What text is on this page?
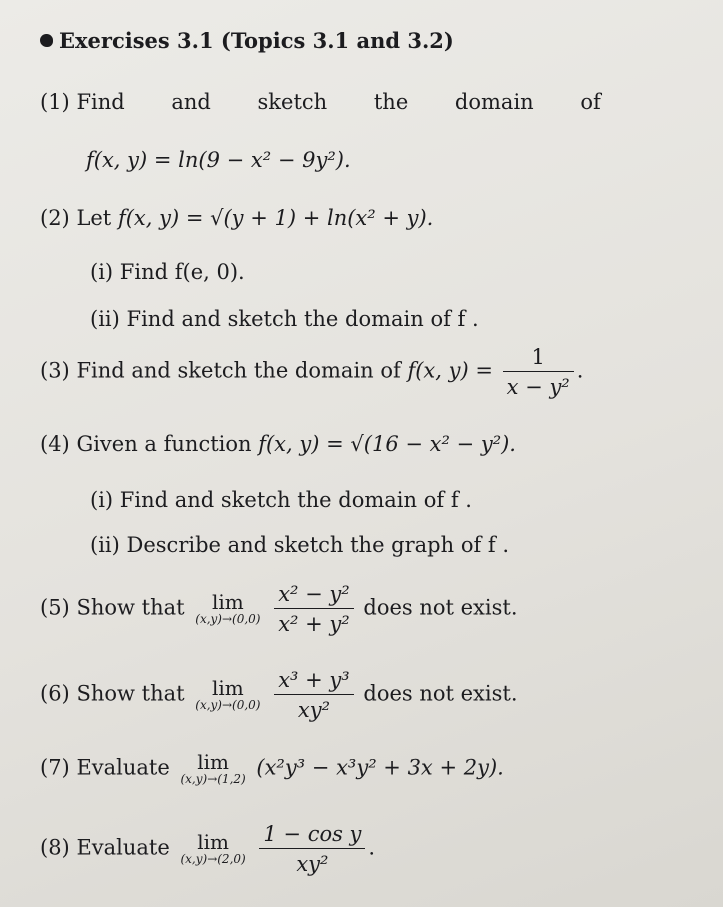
Exercises 3.1 (Topics 3.1 and 3.2)
(1) Find and sketch the domain of
f(x, y) = ln(9 − x² − 9y²).
(2) Let f(x, y) = √(y + 1) + ln(x² + y).
(i) Find f(e, 0).
(ii) Find and sketch the domain of f .
(3) Find and sketch the domain of f(x, $y) = \frac{1}{\text{x − y²}}$ .
(4) Given a function f(x, y) = √(16 − x² − y²).
(i) Find and sketch the domain of f .
(ii) Describe and sketch the graph of f .
(5) Show that	lim
(x,y)→(0,0)
$\frac{\text{x² − y²}}{\text{x² + y²}}$ does not exist.
(6) Show that	lim
(x,y)→(0,0)
$\frac{\text{x³ + y³}}{\text{xy²}}$ does not exist.
(7) Evaluate	lim
(x,y)→(1,2) (x²y³ − x³y² + 3x + 2y).
(8) Evaluate	lim
(x,y)→(2,0)
$\frac{\text{1 − cos y}}{\text{xy²}}$ .
